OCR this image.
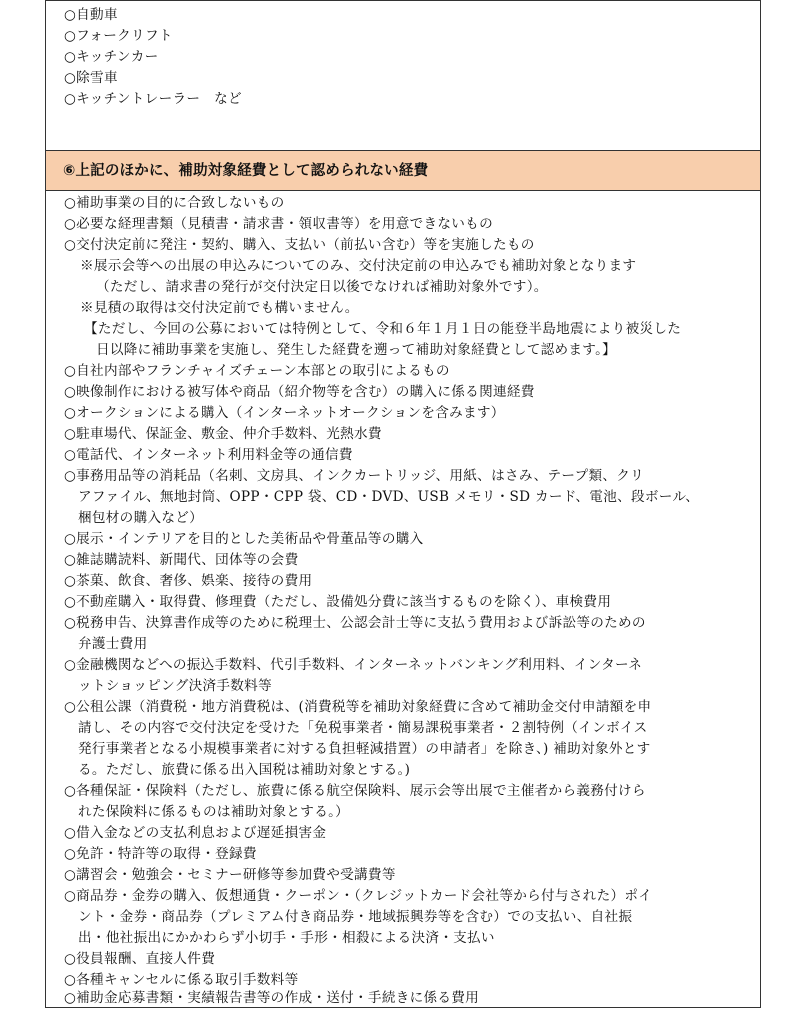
○自動車
○フォークリフト
○キッチンカー
○除雪車
○キッチントレーラー　など
⑥上記のほかに、補助対象経費として認められない経費
○補助事業の目的に合致しないもの
○必要な経理書類（見積書・請求書・領収書等）を用意できないもの
○交付決定前に発注・契約、購入、支払い（前払い含む）等を実施したもの
※展示会等への出展の申込みについてのみ、交付決定前の申込みでも補助対象となります
（ただし、請求書の発行が交付決定日以後でなければ補助対象外です）。
※見積の取得は交付決定前でも構いません。
【ただし、今回の公募においては特例として、令和６年１月１日の能登半島地震により被災した
日以降に補助事業を実施し、発生した経費を遡って補助対象経費として認めます。】
○自社内部やフランチャイズチェーン本部との取引によるもの
○映像制作における被写体や商品（紹介物等を含む）の購入に係る関連経費
○オークションによる購入（インターネットオークションを含みます）
○駐車場代、保証金、敷金、仲介手数料、光熱水費
○電話代、インターネット利用料金等の通信費
○事務用品等の消耗品（名刺、文房具、インクカートリッジ、用紙、はさみ、テープ類、クリ
アファイル、無地封筒、OPP・CPP 袋、CD・DVD、USB メモリ・SD カード、電池、段ボール、
梱包材の購入など）
○展示・インテリアを目的とした美術品や骨董品等の購入
○雑誌購読料、新聞代、団体等の会費
○茶菓、飲食、奢侈、娯楽、接待の費用
○不動産購入・取得費、修理費（ただし、設備処分費に該当するものを除く）、車検費用
○税務申告、決算書作成等のために税理士、公認会計士等に支払う費用および訴訟等のための
弁護士費用
○金融機関などへの振込手数料、代引手数料、インターネットバンキング利用料、インターネ
ットショッピング決済手数料等
○公租公課（消費税・地方消費税は、(消費税等を補助対象経費に含めて補助金交付申請額を申
請し、その内容で交付決定を受けた「免税事業者・簡易課税事業者・２割特例（インボイス
発行事業者となる小規模事業者に対する負担軽減措置）の申請者」を除き、) 補助対象外とす
る。ただし、旅費に係る出入国税は補助対象とする。)
○各種保証・保険料（ただし、旅費に係る航空保険料、展示会等出展で主催者から義務付けら
れた保険料に係るものは補助対象とする。）
○借入金などの支払利息および遅延損害金
○免許・特許等の取得・登録費
○講習会・勉強会・セミナー研修等参加費や受講費等
○商品券・金券の購入、仮想通貨・クーポン・（クレジットカード会社等から付与された）ポイ
ント・金券・商品券（プレミアム付き商品券・地域振興券等を含む）での支払い、自社振
出・他社振出にかかわらず小切手・手形・相殺による決済・支払い
○役員報酬、直接人件費
○各種キャンセルに係る取引手数料等
○補助金応募書類・実績報告書等の作成・送付・手続きに係る費用
